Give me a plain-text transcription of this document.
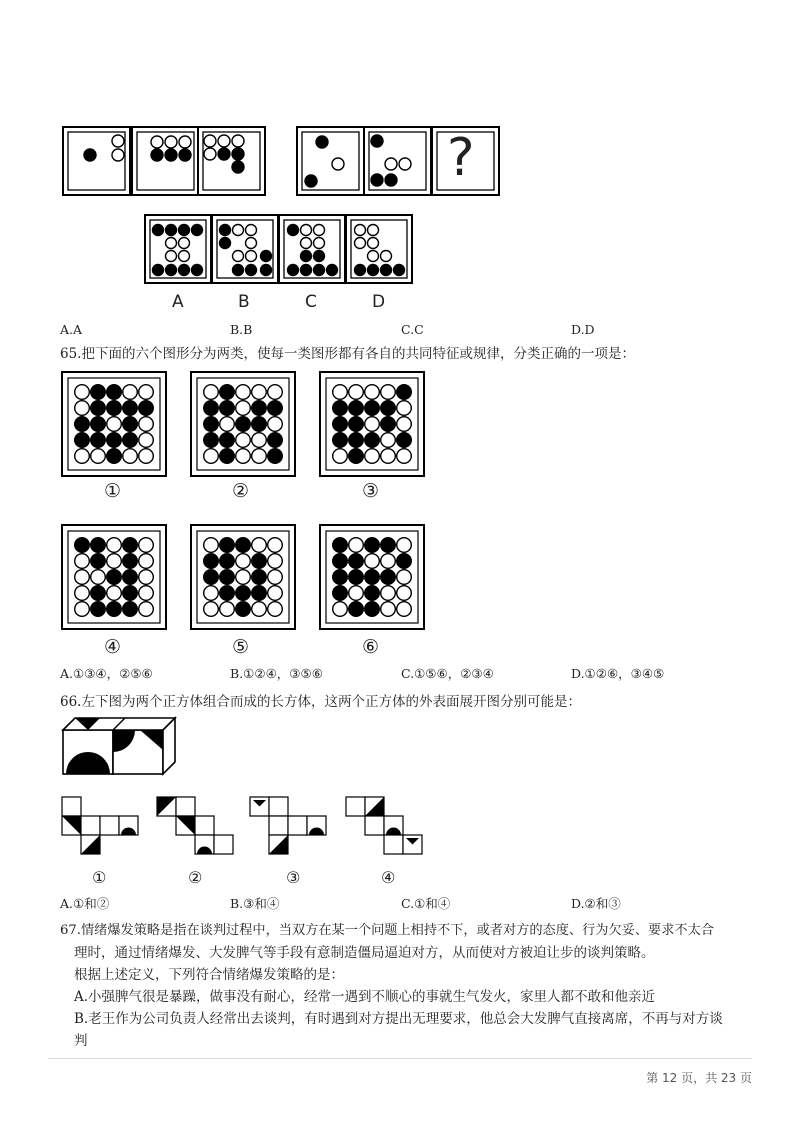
A	B	C	D
?
A.A	B.B	C.C	D.D
65.把下面的六个图形分为两类，使每一类图形都有各自的共同特征或规律，分类正确的一项是：
①	②	③
④	⑤	⑥
A.①③④，②⑤⑥	B.①②④，③⑤⑥	C.①⑤⑥，②③④	D.①②⑥，③④⑤
66.左下图为两个正方体组合而成的长方体，这两个正方体的外表面展开图分别可能是：
①	②	③	④
A.①和②	B.③和④	C.①和④	D.②和③
67.情绪爆发策略是指在谈判过程中，当双方在某一个问题上相持不下，或者对方的态度、行为欠妥、要求不太合
理时，通过情绪爆发、大发脾气等手段有意制造僵局逼迫对方，从而使对方被迫让步的谈判策略。
根据上述定义，下列符合情绪爆发策略的是：
A.小强脾气很是暴躁，做事没有耐心，经常一遇到不顺心的事就生气发火，家里人都不敢和他亲近
B.老王作为公司负责人经常出去谈判，有时遇到对方提出无理要求，他总会大发脾气直接离席，不再与对方谈
判
第 12 页，共 23 页
